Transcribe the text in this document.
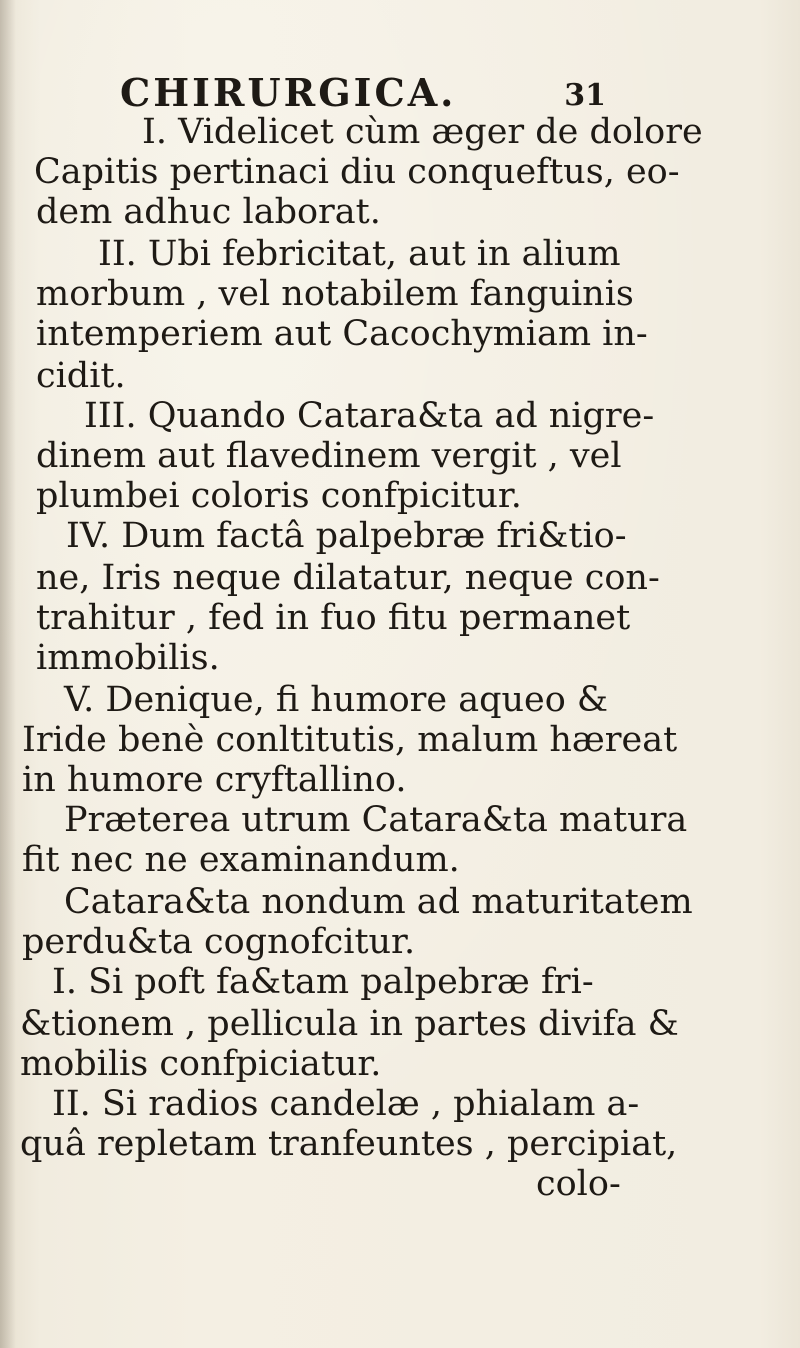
CHIRURGICA.	31
I. Videlicet cùm æger de dolore
Capitis pertinaci diu conqueftus, eo-
dem adhuc laborat.
II. Ubi febricitat, aut in alium
morbum , vel notabilem fanguinis
intemperiem aut Cacochymiam in-
cidit.
III. Quando Catara&ta ad nigre-
dinem aut flavedinem vergit , vel
plumbei coloris confpicitur.
IV. Dum factâ palpebræ fri&tio-
ne, Iris neque dilatatur, neque con-
trahitur , fed in fuo fitu permanet
immobilis.
V. Denique, fi humore aqueo &
Iride benè conltitutis, malum hæreat
in humore cryftallino.
Præterea utrum Catara&ta matura
fit nec ne examinandum.
Catara&ta nondum ad maturitatem
perdu&ta cognofcitur.
I. Si poft fa&tam palpebræ fri-
&tionem , pellicula in partes divifa &
mobilis confpiciatur.
II. Si radios candelæ , phialam a-
quâ repletam tranfeuntes , percipiat,
colo-
